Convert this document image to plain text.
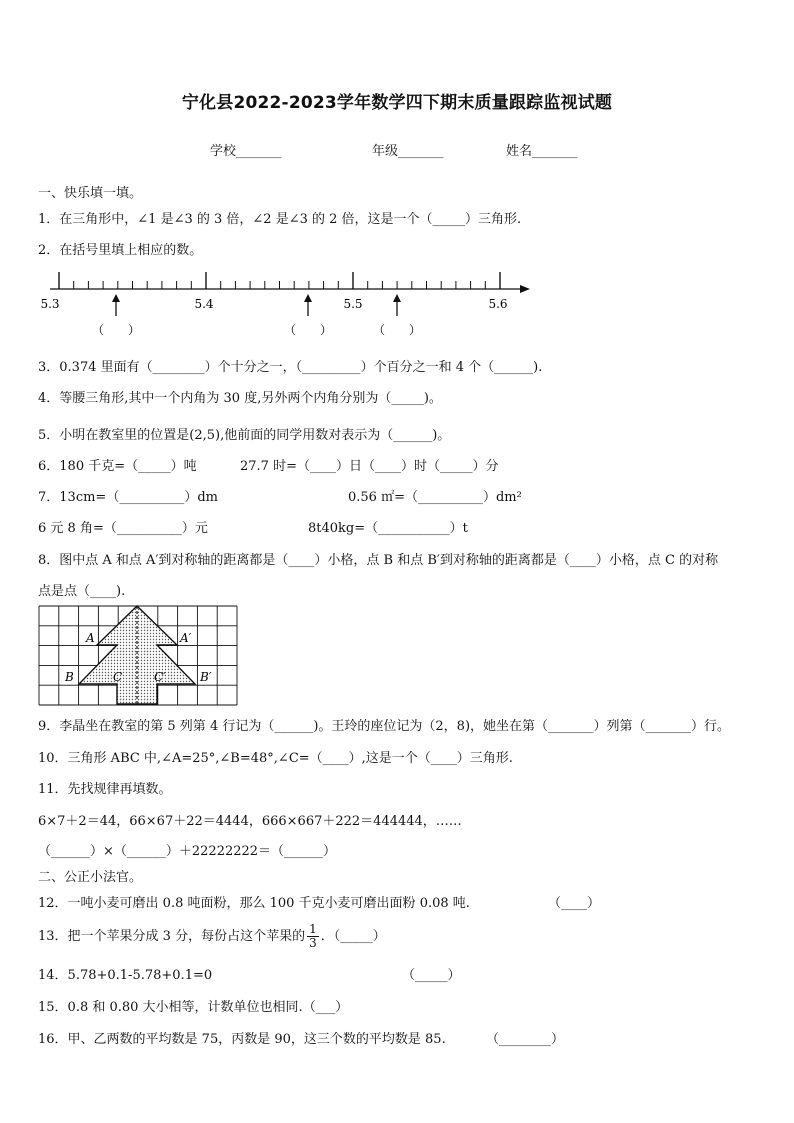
宁化县2022-2023学年数学四下期末质量跟踪监视试题
学校_______	年级_______	姓名_______
一、快乐填一填。
1．在三角形中，∠1 是∠3 的 3 倍，∠2 是∠3 的 2 倍，这是一个（_____）三角形.
2．在括号里填上相应的数。
5.3	5.4	5.5	5.6
（　　）	（　　）	（　　）
3．0.374 里面有（________）个十分之一，（_________）个百分之一和 4 个（______).
4．等腰三角形,其中一个内角为 30 度,另外两个内角分别为（_____)。
5．小明在教室里的位置是(2,5),他前面的同学用数对表示为（______)。
6．180 千克=（_____）吨	27.7 时=（____）日（____）时（_____）分
7．13cm=（__________）dm	0.56 ㎡=（__________）dm²
6 元 8 角=（__________）元	8t40kg=（___________）t
8．图中点 A 和点 A′到对称轴的距离都是（____）小格，点 B 和点 B′到对称轴的距离都是（____）小格，点 C 的对称
点是点（____).
A	A′
B	C	C′	B′
9．李晶坐在教室的第 5 列第 4 行记为（______)。王玲的座位记为（2，8)，她坐在第（_______）列第（_______）行。
10．三角形 ABC 中,∠A=25°,∠B=48°,∠C=（____）,这是一个（____）三角形.
11．先找规律再填数。
6×7＋2＝44，66×67＋22＝4444，666×667＋222＝444444，……
（______）×（______）＋22222222＝（______）
二、公正小法官。
12．一吨小麦可磨出 0.8 吨面粉，那么 100 千克小麦可磨出面粉 0.08 吨.	（____）
13．把一个苹果分成 3 分，每份占这个苹果的 $\frac{1}{3}$ ．（_____）
14．5.78+0.1-5.78+0.1=0	（_____）
15．0.8 和 0.80 大小相等，计数单位也相同.（___）
16．甲、乙两数的平均数是 75，丙数是 90，这三个数的平均数是 85.	（________）
